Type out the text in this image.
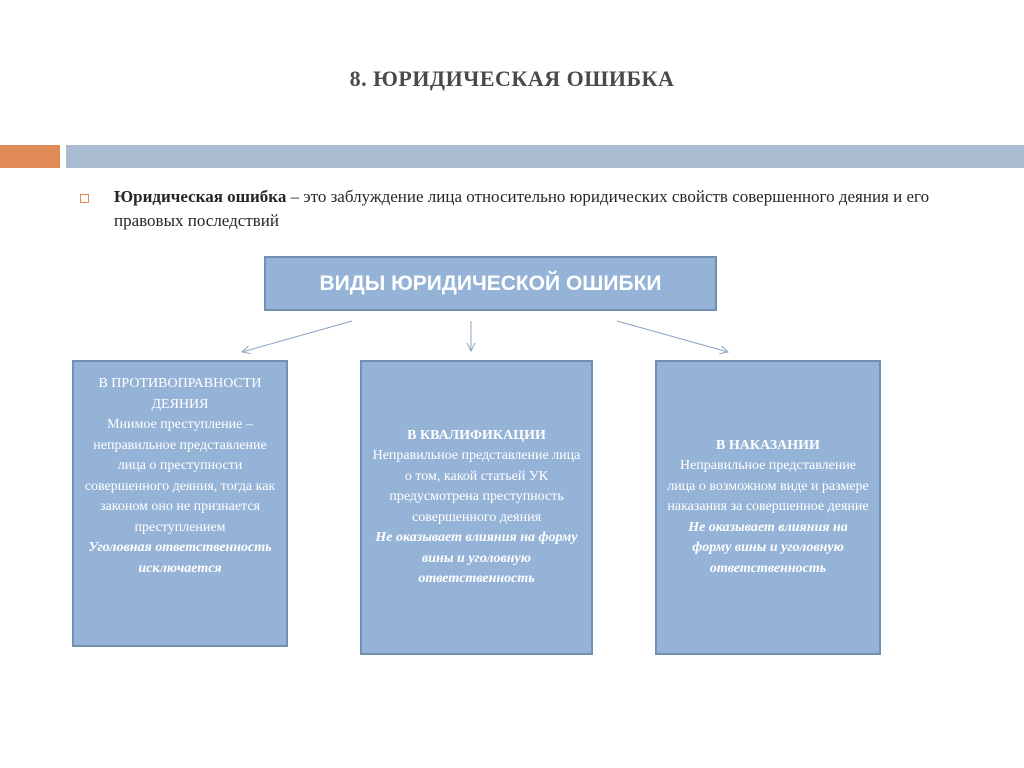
8. ЮРИДИЧЕСКАЯ ОШИБКА
Юридическая ошибка – это заблуждение лица относительно юридических свойств совершенного деяния и его правовых последствий
ВИДЫ ЮРИДИЧЕСКОЙ ОШИБКИ
В ПРОТИВОПРАВНОСТИ ДЕЯНИЯ
Мнимое преступление – неправильное представление лица о преступности совершенного деяния, тогда как законом оно не признается преступлением
Уголовная ответственность исключается
В КВАЛИФИКАЦИИ
Неправильное представление лица о том, какой статьей УК предусмотрена преступность совершенного деяния
Не оказывает влияния на форму вины и уголовную ответственность
В НАКАЗАНИИ
Неправильное представление лица о возможном виде и размере наказания за совершенное деяние
Не оказывает влияния на форму вины и уголовную ответственность
